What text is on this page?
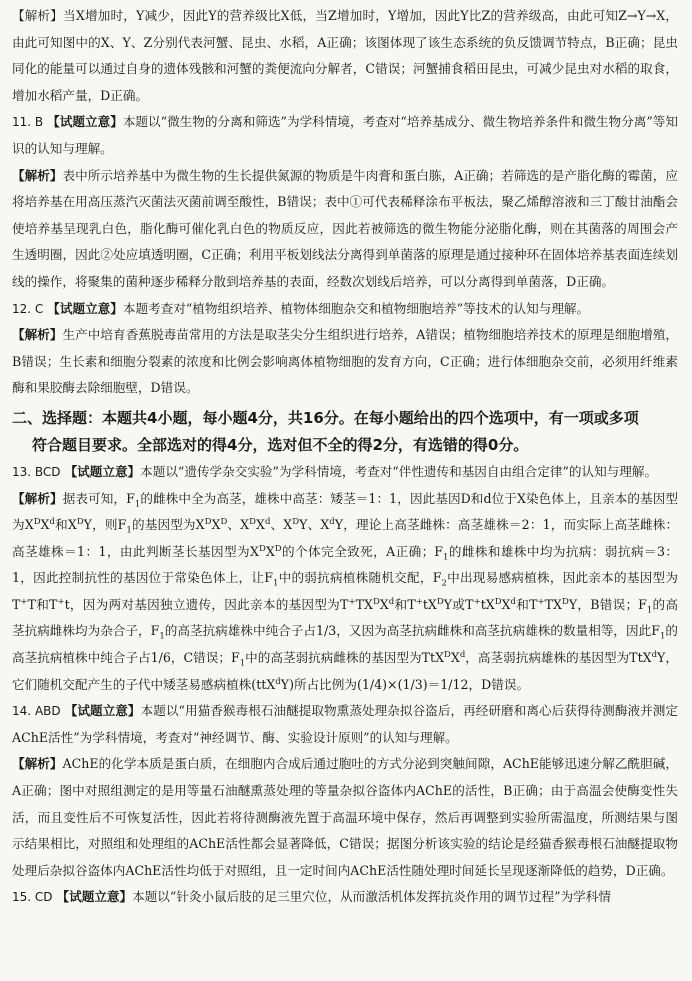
【解析】当X增加时，Y减少，因此Y的营养级比X低，当Z增加时，Y增加，因此Y比Z的营养级高，由此可知Z→Y→X，由此可知图中的X、Y、Z分别代表河蟹、昆虫、水稻，A正确；该图体现了该生态系统的负反馈调节特点，B正确；昆虫同化的能量可以通过自身的遗体残骸和河蟹的粪便流向分解者，C错误；河蟹捕食稻田昆虫，可减少昆虫对水稻的取食，增加水稻产量，D正确。

11. B 【试题立意】本题以“微生物的分离和筛选”为学科情境，考查对“培养基成分、微生物培养条件和微生物分离”等知识的认知与理解。

【解析】表中所示培养基中为微生物的生长提供氮源的物质是牛肉膏和蛋白胨，A正确；若筛选的是产脂化酶的霉菌，应将培养基在用高压蒸汽灭菌法灭菌前调至酸性，B错误；表中①可代表稀释涂布平板法，聚乙烯醇溶液和三丁酸甘油酯会使培养基呈现乳白色，脂化酶可催化乳白色的物质反应，因此若被筛选的微生物能分泌脂化酶，则在其菌落的周围会产生透明圈，因此②处应填透明圈，C正确；利用平板划线法分离得到单菌落的原理是通过接种环在固体培养基表面连续划线的操作，将聚集的菌种逐步稀释分散到培养基的表面，经数次划线后培养，可以分离得到单菌落，D正确。

12. C 【试题立意】本题考查对“植物组织培养、植物体细胞杂交和植物细胞培养”等技术的认知与理解。

【解析】生产中培育香蕉脱毒苗常用的方法是取茎尖分生组织进行培养，A错误；植物细胞培养技术的原理是细胞增殖，B错误；生长素和细胞分裂素的浓度和比例会影响离体植物细胞的发育方向，C正确；进行体细胞杂交前，必须用纤维素酶和果胶酶去除细胞壁，D错误。

二、选择题：本题共4小题，每小题4分，共16分。在每小题给出的四个选项中，有一项或多项
符合题目要求。全部选对的得4分，选对但不全的得2分，有选错的得0分。

13. BCD 【试题立意】本题以“遗传学杂交实验”为学科情境，考查对“伴性遗传和基因自由组合定律”的认知与理解。

【解析】据表可知，$F_1$的雌株中全为高茎，雄株中高茎：矮茎＝1：1，因此基因D和d位于X染色体上，且亲本的基因型为$X^DX^d$和$X^DY$，则$F_1$的基因型为$X^DX^D$、$X^DX^d$、$X^DY$、$X^dY$，理论上高茎雌株：高茎雄株＝2：1，而实际上高茎雌株：高茎雄株＝1：1，由此判断茎长基因型为$X^DX^D$的个体完全致死，A正确；$F_1$的雌株和雄株中均为抗病：弱抗病＝3：1，因此控制抗性的基因位于常染色体上，让$F_1$中的弱抗病植株随机交配，$F_2$中出现易感病植株，因此亲本的基因型为T+T和T+t，因为两对基因独立遗传，因此亲本的基因型为$T^+TX^DX^d$和$T^+tX^DY$或$T^+tX^DX^d$和$T^+TX^DY$，B错误；$F_1$的高茎抗病雌株均为杂合子，$F_1$的高茎抗病雄株中纯合子占1/3，又因为高茎抗病雌株和高茎抗病雄株的数量相等，因此$F_1$的高茎抗病植株中纯合子占1/6，C错误；$F_1$中的高茎弱抗病雌株的基因型为$TtX^DX^d$，高茎弱抗病雄株的基因型为TtX$^d$Y，它们随机交配产生的子代中矮茎易感病植株(ttX$^d$Y)所占比例为(1/4)×(1/3)＝1/12，D错误。

14. ABD 【试题立意】本题以“用猫香猴毒根石油醚提取物熏蒸处理杂拟谷盗后，再经研磨和离心后获得待测酶液并测定AChE活性”为学科情境，考查对“神经调节、酶、实验设计原则”的认知与理解。

【解析】AChE的化学本质是蛋白质，在细胞内合成后通过胞吐的方式分泌到突触间隙，AChE能够迅速分解乙酰胆碱，A正确；图中对照组测定的是用等量石油醚熏蒸处理的等量杂拟谷盗体内AChE的活性，B正确；由于高温会使酶变性失活，而且变性后不可恢复活性，因此若将待测酶液先置于高温环境中保存，然后再调整到实验所需温度，所测结果与图示结果相比，对照组和处理组的AChE活性都会显著降低，C错误；据图分析该实验的结论是经猫香猴毒根石油醚提取物处理后杂拟谷盗体内AChE活性均低于对照组，且一定时间内AChE活性随处理时间延长呈现逐渐降低的趋势，D正确。

15. CD 【试题立意】本题以“针灸小鼠后肢的足三里穴位，从而激活机体发挥抗炎作用的调节过程”为学科情
